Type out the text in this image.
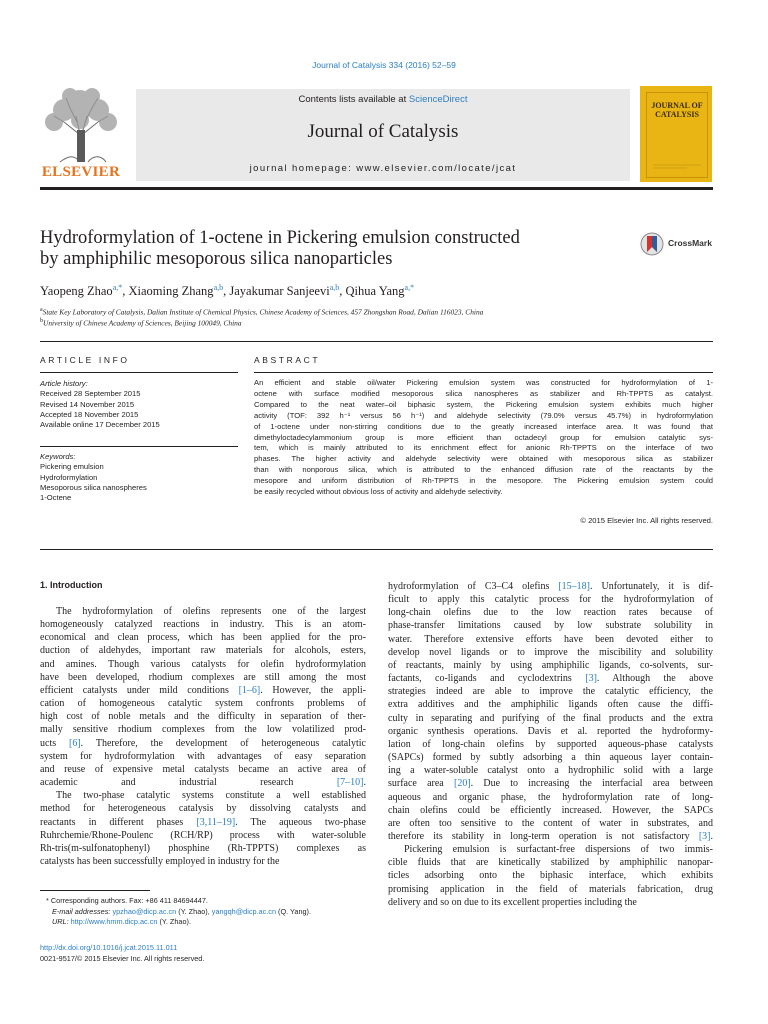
Journal of Catalysis 334 (2016) 52–59
ELSEVIER
Contents lists available at ScienceDirect
Journal of Catalysis
journal homepage: www.elsevier.com/locate/jcat
JOURNAL OF
CATALYSIS
Hydroformylation of 1-octene in Pickering emulsion constructed
by amphiphilic mesoporous silica nanoparticles
CrossMark
Yaopeng Zhao$^{a,*}$, Xiaoming Zhang$^{a,b}$, Jayakumar Sanjeevi$^{a,b}$, Qihua Yang$^{a,*}$
$^a$State Key Laboratory of Catalysis, Dalian Institute of Chemical Physics, Chinese Academy of Sciences, 457 Zhongshan Road, Dalian 116023, China
$^b$University of Chinese Academy of Sciences, Beijing 100049, China
ARTICLE INFO	ABSTRACT
Article history:
Received 28 September 2015
Revised 14 November 2015
Accepted 18 November 2015
Available online 17 December 2015
Keywords:
Pickering emulsion
Hydroformylation
Mesoporous silica nanospheres
1-Octene
An efficient and stable oil/water Pickering emulsion system was constructed for hydroformylation of 1-
octene with surface modified mesoporous silica nanospheres as stabilizer and Rh-TPPTS as catalyst.
Compared to the neat water–oil biphasic system, the Pickering emulsion system exhibits much higher
activity (TOF: 392 h⁻¹ versus 56 h⁻¹) and aldehyde selectivity (79.0% versus 45.7%) in hydroformylation
of 1-octene under non-stirring conditions due to the greatly increased interface area. It was found that
dimethyloctadecylammonium group is more efficient than octadecyl group for emulsion catalytic sys-
tem, which is mainly attributed to its enrichment effect for anionic Rh-TPPTS on the interface of two
phases. The higher activity and aldehyde selectivity were obtained with mesoporous silica as stabilizer
than with nonporous silica, which is attributed to the enhanced diffusion rate of the reactants by the
mesopore and uniform distribution of Rh-TPPTS in the mesopore. The Pickering emulsion system could
be easily recycled without obvious loss of activity and aldehyde selectivity.
© 2015 Elsevier Inc. All rights reserved.
1. Introduction
The hydroformylation of olefins represents one of the largest
homogeneously catalyzed reactions in industry. This is an atom-
economical and clean process, which has been applied for the pro-
duction of aldehydes, important raw materials for alcohols, esters,
and amines. Though various catalysts for olefin hydroformylation
have been developed, rhodium complexes are still among the most
efficient catalysts under mild conditions [1–6]. However, the appli-
cation of homogeneous catalytic system confronts problems of
high cost of noble metals and the difficulty in separation of ther-
mally sensitive rhodium complexes from the low volatilized prod-
ucts [6]. Therefore, the development of heterogeneous catalytic
system for hydroformylation with advantages of easy separation
and reuse of expensive metal catalysts became an active area of
academic and industrial research [7–10].
The two-phase catalytic systems constitute a well established
method for heterogeneous catalysis by dissolving catalysts and
reactants in different phases [3,11–19]. The aqueous two-phase
Ruhrchemie/Rhone-Poulenc (RCH/RP) process with water-soluble
Rh-tris(m-sulfonatophenyl) phosphine (Rh-TPPTS) complexes as
catalysts has been successfully employed in industry for the
hydroformylation of C3–C4 olefins [15–18]. Unfortunately, it is dif-
ficult to apply this catalytic process for the hydroformylation of
long-chain olefins due to the low reaction rates because of
phase-transfer limitations caused by low substrate solubility in
water. Therefore extensive efforts have been devoted either to
develop novel ligands or to improve the miscibility and solubility
of reactants, mainly by using amphiphilic ligands, co-solvents, sur-
factants, co-ligands and cyclodextrins [3]. Although the above
strategies indeed are able to improve the catalytic efficiency, the
extra additives and the amphiphilic ligands often cause the diffi-
culty in separating and purifying of the final products and the extra
organic synthesis operations. Davis et al. reported the hydroformy-
lation of long-chain olefins by supported aqueous-phase catalysts
(SAPCs) formed by subtly adsorbing a thin aqueous layer contain-
ing a water-soluble catalyst onto a hydrophilic solid with a large
surface area [20]. Due to increasing the interfacial area between
aqueous and organic phase, the hydroformylation rate of long-
chain olefins could be efficiently increased. However, the SAPCs
are often too sensitive to the content of water in substrates, and
therefore its stability in long-term operation is not satisfactory [3].
Pickering emulsion is surfactant-free dispersions of two immis-
cible fluids that are kinetically stabilized by amphiphilic nanopar-
ticles adsorbing onto the biphasic interface, which exhibits
promising application in the field of materials fabrication, drug
delivery and so on due to its excellent properties including the
* Corresponding authors. Fax: +86 411 84694447.
E-mail addresses: ypzhao@dicp.ac.cn (Y. Zhao), yangqh@dicp.ac.cn (Q. Yang).
URL: http://www.hmm.dicp.ac.cn (Y. Zhao).
http://dx.doi.org/10.1016/j.jcat.2015.11.011
0021-9517/© 2015 Elsevier Inc. All rights reserved.
